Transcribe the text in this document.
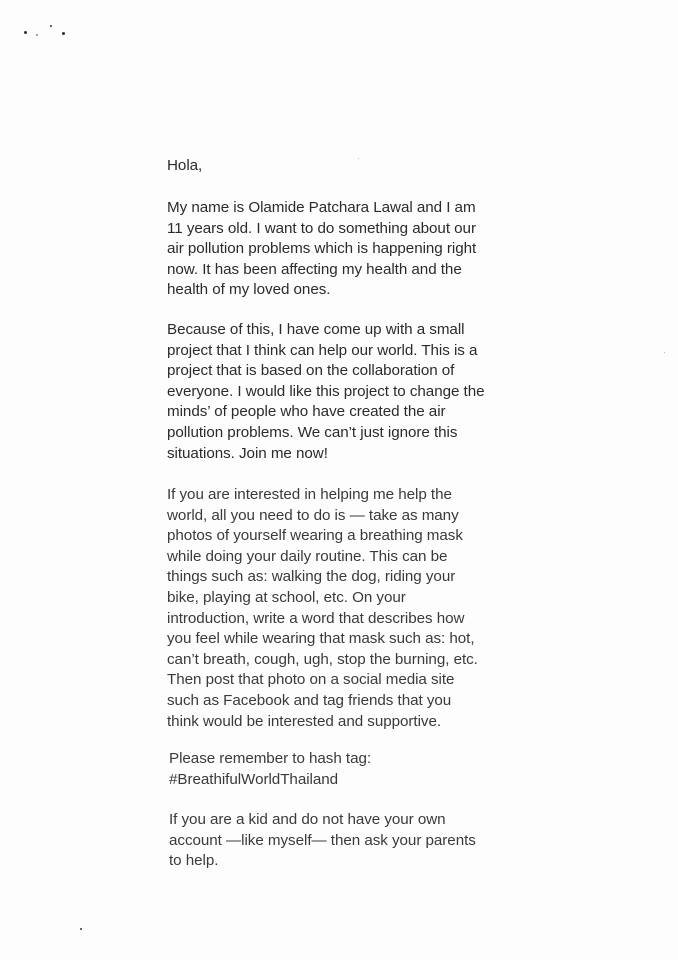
Hola,
My name is Olamide Patchara Lawal and I am
11 years old. I want to do something about our
air pollution problems which is happening right
now. It has been affecting my health and the
health of my loved ones.
Because of this, I have come up with a small
project that I think can help our world. This is a
project that is based on the collaboration of
everyone. I would like this project to change the
minds’ of people who have created the air
pollution problems. We can’t just ignore this
situations. Join me now!
If you are interested in helping me help the
world, all you need to do is — take as many
photos of yourself wearing a breathing mask
while doing your daily routine. This can be
things such as: walking the dog, riding your
bike, playing at school, etc. On your
introduction, write a word that describes how
you feel while wearing that mask such as: hot,
can’t breath, cough, ugh, stop the burning, etc.
Then post that photo on a social media site
such as Facebook and tag friends that you
think would be interested and supportive.
Please remember to hash tag:
#BreathifulWorldThailand
If you are a kid and do not have your own
account —like myself— then ask your parents
to help.
